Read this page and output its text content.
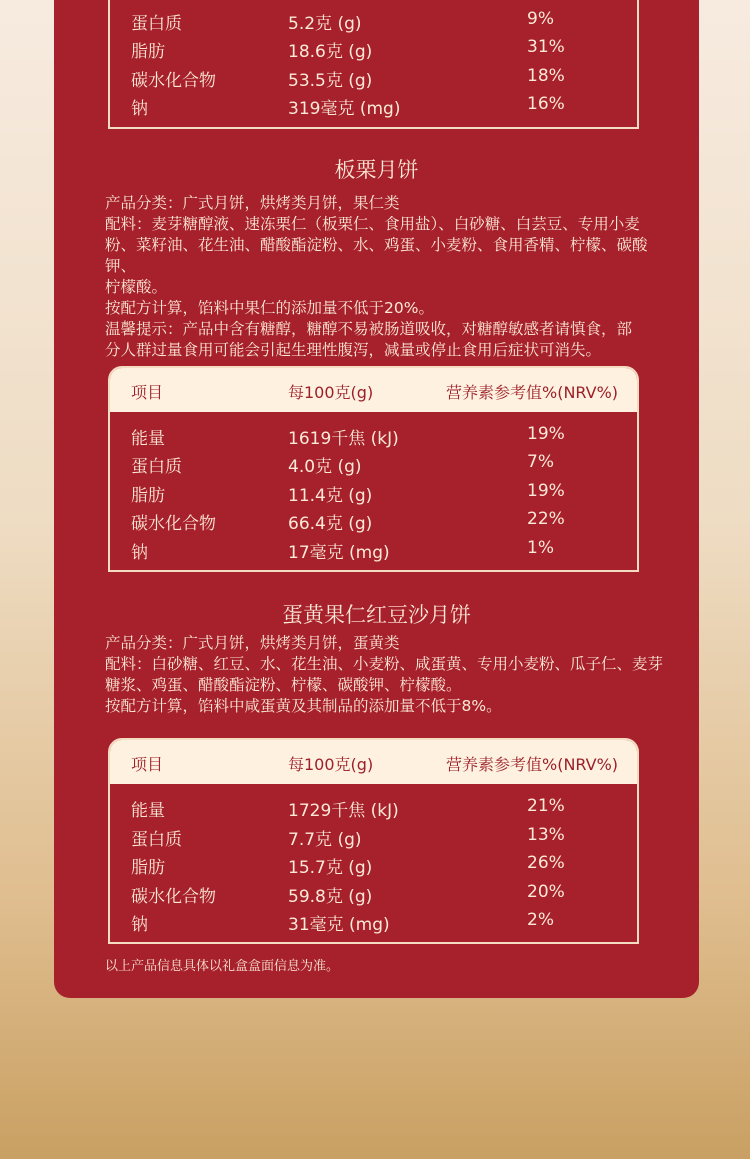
蛋白质	5.2克 (g)	9%
脂肪	18.6克 (g)	31%
碳水化合物	53.5克 (g)	18%
钠	319毫克 (mg)	16%
板栗月饼
产品分类：广式月饼，烘烤类月饼，果仁类
配料：麦芽糖醇液、速冻栗仁（板栗仁、食用盐）、白砂糖、白芸豆、专用小麦
粉、菜籽油、花生油、醋酸酯淀粉、水、鸡蛋、小麦粉、食用香精、柠檬、碳酸钾、
柠檬酸。
按配方计算，馅料中果仁的添加量不低于20%。
温馨提示：产品中含有糖醇，糖醇不易被肠道吸收，对糖醇敏感者请慎食，部
分人群过量食用可能会引起生理性腹泻，减量或停止食用后症状可消失。
项目	每100克(g)	营养素参考值%(NRV%)
能量	1619千焦 (kJ)	19%
蛋白质	4.0克 (g)	7%
脂肪	11.4克 (g)	19%
碳水化合物	66.4克 (g)	22%
钠	17毫克 (mg)	1%
蛋黄果仁红豆沙月饼
产品分类：广式月饼，烘烤类月饼，蛋黄类
配料：白砂糖、红豆、水、花生油、小麦粉、咸蛋黄、专用小麦粉、瓜子仁、麦芽
糖浆、鸡蛋、醋酸酯淀粉、柠檬、碳酸钾、柠檬酸。
按配方计算，馅料中咸蛋黄及其制品的添加量不低于8%。
项目	每100克(g)	营养素参考值%(NRV%)
能量	1729千焦 (kJ)	21%
蛋白质	7.7克 (g)	13%
脂肪	15.7克 (g)	26%
碳水化合物	59.8克 (g)	20%
钠	31毫克 (mg)	2%
以上产品信息具体以礼盒盒面信息为准。
